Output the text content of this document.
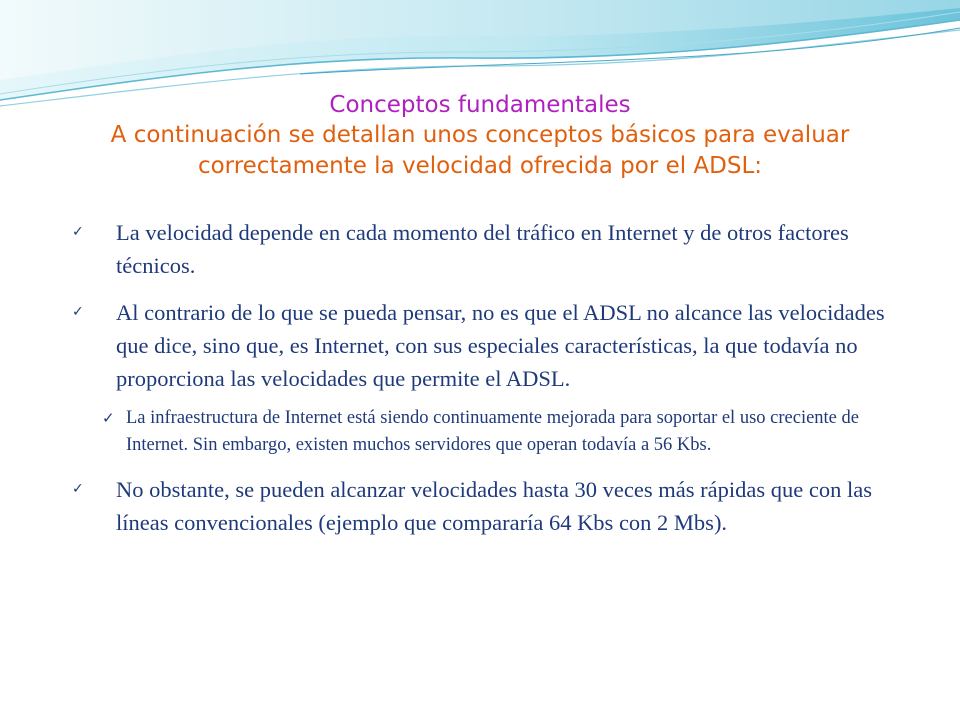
Conceptos fundamentales
A continuación se detallan unos conceptos básicos para evaluar correctamente la velocidad ofrecida por el ADSL:
✓ La velocidad depende en cada momento del tráfico en Internet y de otros factores técnicos.
✓ Al contrario de lo que se pueda pensar, no es que el ADSL no alcance las velocidades que dice, sino que, es Internet, con sus especiales características, la que todavía no proporciona las velocidades que permite el ADSL.
✓ La infraestructura de Internet está siendo continuamente mejorada para soportar el uso creciente de Internet. Sin embargo, existen muchos servidores que operan todavía a 56 Kbs.
✓ No obstante, se pueden alcanzar velocidades hasta 30 veces más rápidas que con las líneas convencionales (ejemplo que compararía 64 Kbs con 2 Mbs).
